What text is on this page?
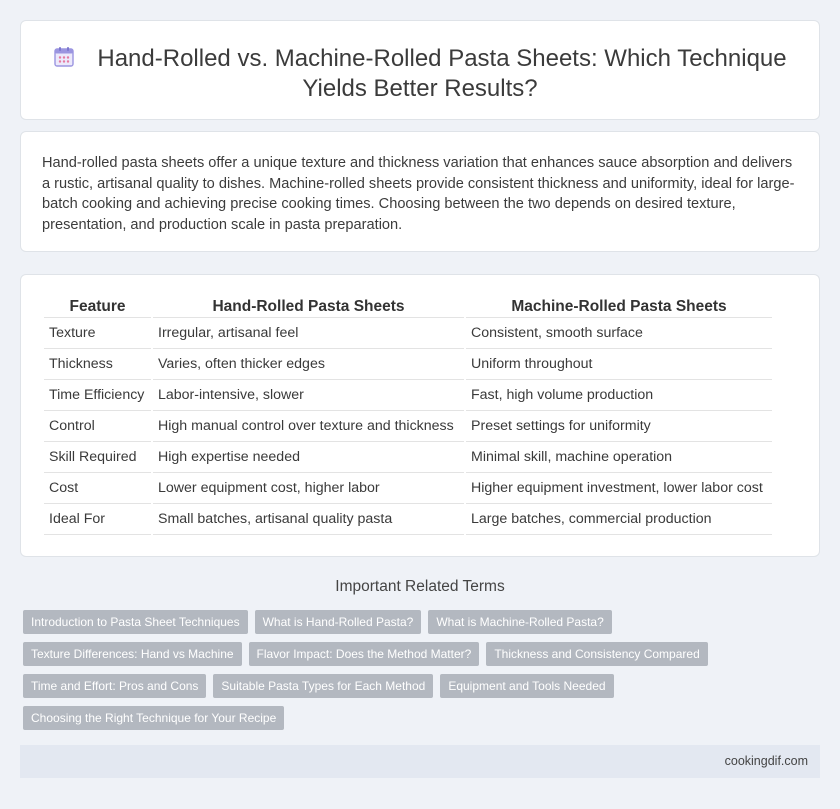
Hand-Rolled vs. Machine-Rolled Pasta Sheets: Which Technique Yields Better Results?

Hand-rolled pasta sheets offer a unique texture and thickness variation that enhances sauce absorption and delivers a rustic, artisanal quality to dishes. Machine-rolled sheets provide consistent thickness and uniformity, ideal for large-batch cooking and achieving precise cooking times. Choosing between the two depends on desired texture, presentation, and production scale in pasta preparation.

Feature	Hand-Rolled Pasta Sheets	Machine-Rolled Pasta Sheets
Texture	Irregular, artisanal feel	Consistent, smooth surface
Thickness	Varies, often thicker edges	Uniform throughout
Time Efficiency	Labor-intensive, slower	Fast, high volume production
Control	High manual control over texture and thickness	Preset settings for uniformity
Skill Required	High expertise needed	Minimal skill, machine operation
Cost	Lower equipment cost, higher labor	Higher equipment investment, lower labor cost
Ideal For	Small batches, artisanal quality pasta	Large batches, commercial production
Important Related Terms
Introduction to Pasta Sheet Techniques	What is Hand-Rolled Pasta?	What is Machine-Rolled Pasta?
Texture Differences: Hand vs Machine	Flavor Impact: Does the Method Matter?	Thickness and Consistency Compared
Time and Effort: Pros and Cons	Suitable Pasta Types for Each Method	Equipment and Tools Needed
Choosing the Right Technique for Your Recipe
cookingdif.com
